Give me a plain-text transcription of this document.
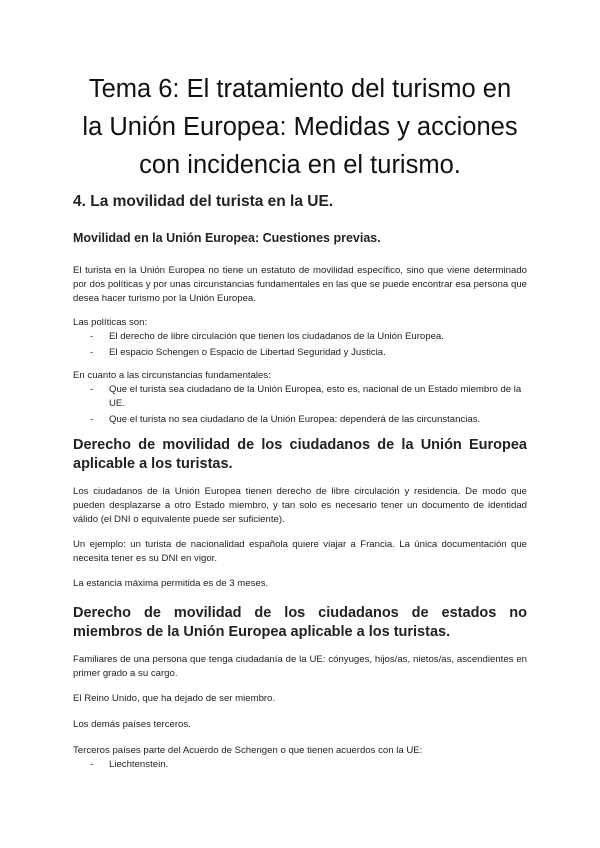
Tema 6: El tratamiento del turismo en
la Unión Europea: Medidas y acciones
con incidencia en el turismo.
4. La movilidad del turista en la UE.
Movilidad en la Unión Europea: Cuestiones previas.

El turista en la Unión Europea no tiene un estatuto de movilidad específico, sino que viene determinado por dos políticas y por unas circunstancias fundamentales en las que se puede encontrar esa persona que desea hacer turismo por la Unión Europea.

Las políticas son:

- El derecho de libre circulación que tienen los ciudadanos de la Unión Europea.
- El espacio Schengen o Espacio de Libertad Seguridad y Justicia.

En cuanto a las circunstancias fundamentales:

- Que el turista sea ciudadano de la Unión Europea, esto es, nacional de un Estado miembro de la UE.
- Que el turista no sea ciudadano de la Unión Europea: dependerá de las circunstancias.
Derecho de movilidad de los ciudadanos de la Unión Europea aplicable a los turistas.

Los ciudadanos de la Unión Europea tienen derecho de libre circulación y residencia. De modo que pueden desplazarse a otro Estado miembro, y tan solo es necesario tener un documento de identidad válido (el DNI o equivalente puede ser suficiente).

Un ejemplo: un turista de nacionalidad española quiere viajar a Francia. La única documentación que necesita tener es su DNI en vigor.

La estancia máxima permitida es de 3 meses.

Derecho de movilidad de los ciudadanos de estados no miembros de la Unión Europea aplicable a los turistas.

Familiares de una persona que tenga ciudadanía de la UE: cónyuges, hijos/as, nietos/as, ascendientes en primer grado a su cargo.

El Reino Unido, que ha dejado de ser miembro.

Los demás países terceros.

Terceros países parte del Acuerdo de Schengen o que tienen acuerdos con la UE:

- Liechtenstein.
